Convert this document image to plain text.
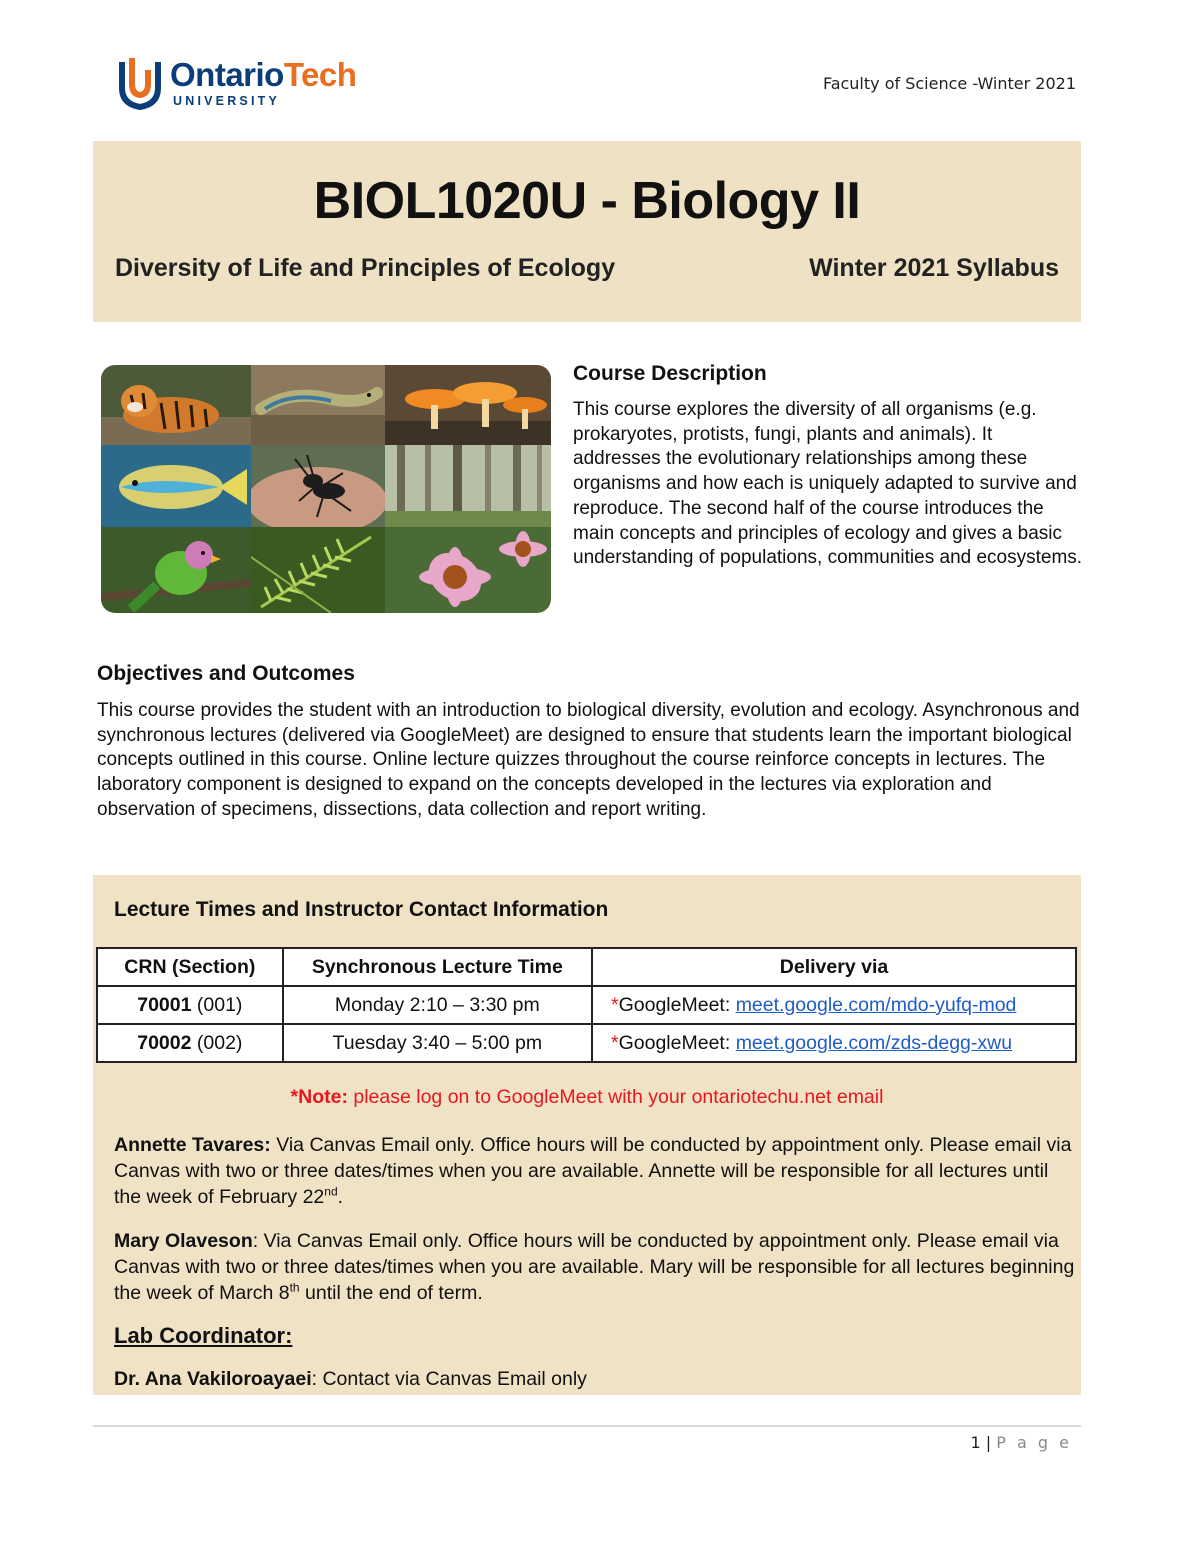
OntarioTech
UNIVERSITY
Faculty of Science -Winter 2021
BIOL1020U - Biology II
Diversity of Life and Principles of Ecology	Winter 2021 Syllabus
Course Description
This course explores the diversity of all organisms (e.g. prokaryotes, protists, fungi, plants and animals). It addresses the evolutionary relationships among these organisms and how each is uniquely adapted to survive and reproduce. The second half of the course introduces the main concepts and principles of ecology and gives a basic understanding of populations, communities and ecosystems.
Objectives and Outcomes
This course provides the student with an introduction to biological diversity, evolution and ecology. Asynchronous and synchronous lectures (delivered via GoogleMeet) are designed to ensure that students learn the important biological concepts outlined in this course. Online lecture quizzes throughout the course reinforce concepts in lectures. The laboratory component is designed to expand on the concepts developed in the lectures via exploration and observation of specimens, dissections, data collection and report writing.
Lecture Times and Instructor Contact Information
CRN (Section)	Synchronous Lecture Time	Delivery via
70001 (001)	Monday 2:10 – 3:30 pm	*GoogleMeet: meet.google.com/mdo-yufq-mod
70002 (002)	Tuesday 3:40 – 5:00 pm	*GoogleMeet: meet.google.com/zds-degg-xwu
*Note: please log on to GoogleMeet with your ontariotechu.net email
Annette Tavares: Via Canvas Email only. Office hours will be conducted by appointment only. Please email via Canvas with two or three dates/times when you are available. Annette will be responsible for all lectures until the week of February 22nd.
Mary Olaveson: Via Canvas Email only. Office hours will be conducted by appointment only. Please email via Canvas with two or three dates/times when you are available. Mary will be responsible for all lectures beginning the week of March 8th until the end of term.
Lab Coordinator:
Dr. Ana Vakiloroayaei: Contact via Canvas Email only
1 | P a g e
